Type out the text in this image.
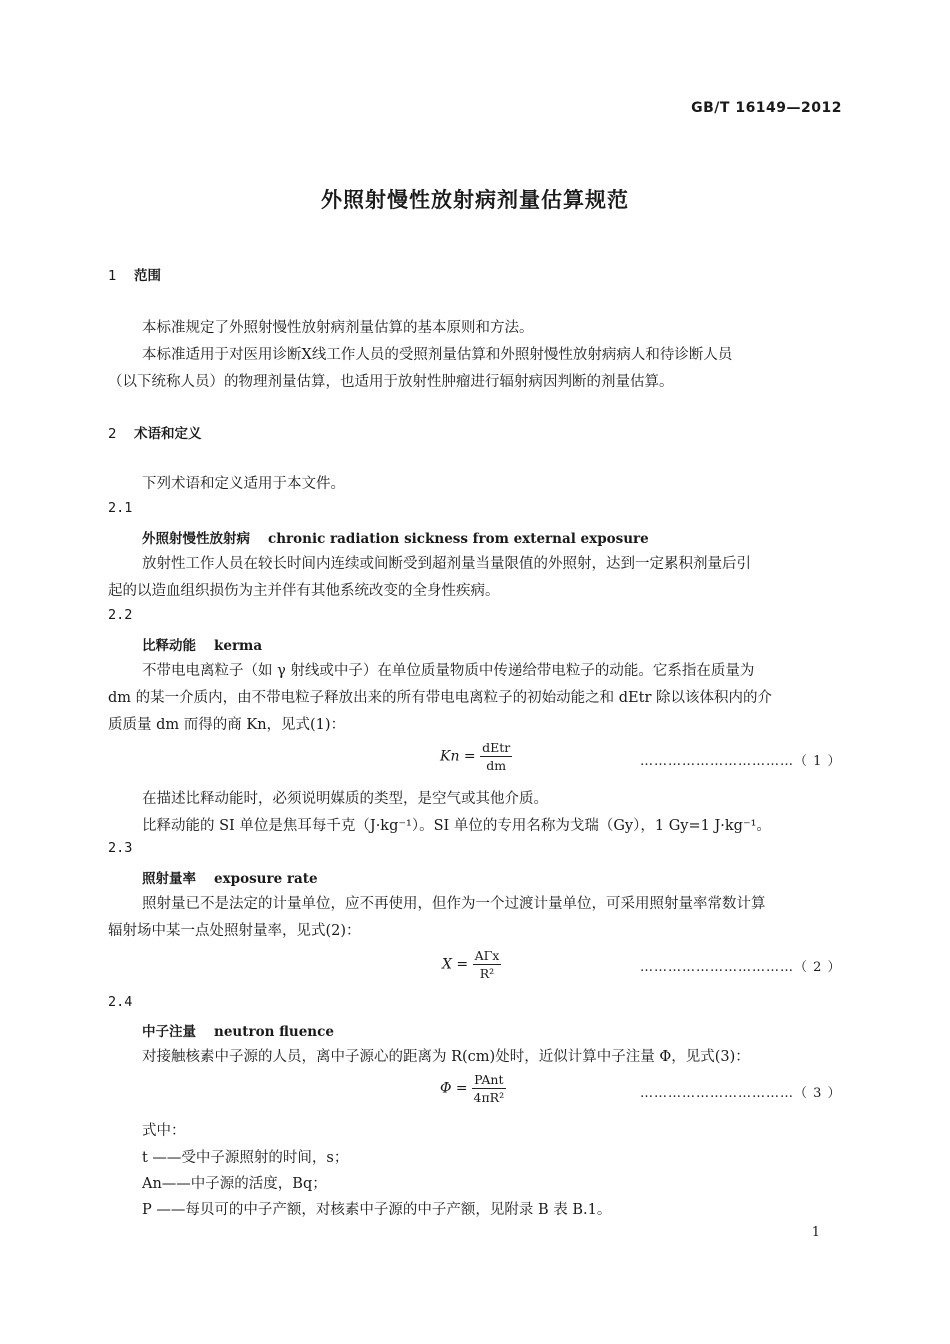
GB/T 16149—2012
外照射慢性放射病剂量估算规范
1 范围
本标准规定了外照射慢性放射病剂量估算的基本原则和方法。
本标准适用于对医用诊断X线工作人员的受照剂量估算和外照射慢性放射病病人和待诊断人员
（以下统称人员）的物理剂量估算，也适用于放射性肿瘤进行辐射病因判断的剂量估算。
2 术语和定义
下列术语和定义适用于本文件。
2.1
外照射慢性放射病 chronic radiation sickness from external exposure
放射性工作人员在较长时间内连续或间断受到超剂量当量限值的外照射，达到一定累积剂量后引
起的以造血组织损伤为主并伴有其他系统改变的全身性疾病。
2.2
比释动能 kerma
不带电电离粒子（如 γ 射线或中子）在单位质量物质中传递给带电粒子的动能。它系指在质量为
dm 的某一介质内，由不带电粒子释放出来的所有带电电离粒子的初始动能之和 dEtr 除以该体积内的介
质质量 dm 而得的商 Kn，见式(1)：
$Kn = \frac{\text{dEtr}}{dm}$	……………………………（ 1 ）
在描述比释动能时，必须说明媒质的类型，是空气或其他介质。
比释动能的 SI 单位是焦耳每千克（J·kg⁻¹）。SI 单位的专用名称为戈瑞（Gy），1 Gy=1 J·kg⁻¹。
2.3
照射量率 exposure rate
照射量已不是法定的计量单位，应不再使用，但作为一个过渡计量单位，可采用照射量率常数计算
辐射场中某一点处照射量率，见式(2)：
$X = \frac{\text{AΓx}}{\text{R²}}$	……………………………（ 2 ）
2.4
中子注量 neutron fluence
对接触核素中子源的人员，离中子源心的距离为 R(cm)处时，近似计算中子注量 Φ，见式(3)：
$\Phi = \frac{\text{PAnt}}{\text{4πR²}}$	……………………………（ 3 ）
式中：
t ——受中子源照射的时间，s；
An——中子源的活度，Bq；
P ——每贝可的中子产额，对核素中子源的中子产额，见附录 B 表 B.1。
1
